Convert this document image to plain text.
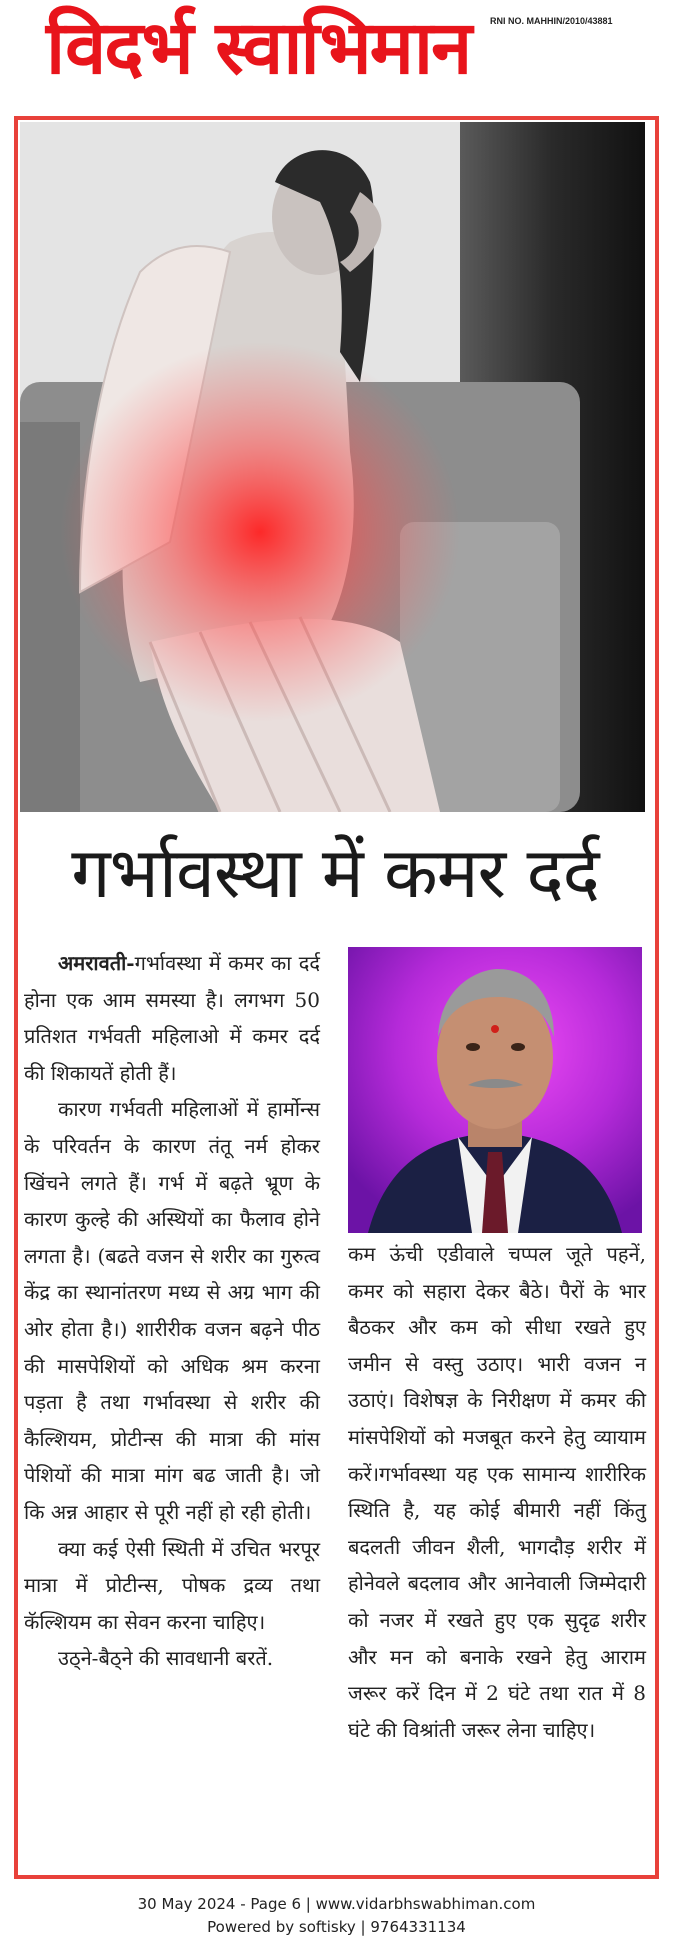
विदर्भ स्वाभिमान	RNI NO. MAHHIN/2010/43881
गर्भावस्था में कमर दर्द

अमरावती-गर्भावस्था में कमर का दर्द होना एक आम समस्या है। लगभग 50 प्रतिशत गर्भवती महिलाओ में कमर दर्द की शिकायतें होती हैं।

कारण गर्भवती महिलाओं में हार्मोन्स के परिवर्तन के कारण तंतू नर्म होकर खिंचने लगते हैं। गर्भ में बढ़ते भ्रूण के कारण कुल्हे की अस्थियों का फैलाव होने लगता है। (बढते वजन से शरीर का गुरुत्व केंद्र का स्थानांतरण मध्य से अग्र भाग की ओर होता है।) शारीरीक वजन बढ़ने पीठ की मासपेशियों को अधिक श्रम करना पड़ता है तथा गर्भावस्था से शरीर की कैल्शियम, प्रोटीन्स की मात्रा की मांस पेशियों की मात्रा मांग बढ जाती है। जो कि अन्न आहार से पूरी नहीं हो रही होती।

क्या कई ऐसी स्थिती में उचित भरपूर मात्रा में प्रोटीन्स, पोषक द्रव्य तथा कॅल्शियम का सेवन करना चाहिए।

उठ्ने-बैठ्ने की सावधानी बरतें.

कम ऊंची एडीवाले चप्पल जूते पहनें, कमर को सहारा देकर बैठे। पैरों के भार बैठकर और कम को सीधा रखते हुए जमीन से वस्तु उठाए। भारी वजन न उठाएं। विशेषज्ञ के निरीक्षण में कमर की मांसपेशियों को मजबूत करने हेतु व्यायाम करें।गर्भावस्था यह एक सामान्य शारीरिक स्थिति है, यह कोई बीमारी नहीं किंतु बदलती जीवन शैली, भागदौड़ शरीर में होनेवले बदलाव और आनेवाली जिम्मेदारी को नजर में रखते हुए एक सुदृढ शरीर और मन को बनाके रखने हेतु आराम जरूर करें दिन में 2 घंटे तथा रात में 8 घंटे की विश्रांती जरूर लेना चाहिए।
30 May 2024 - Page 6 | www.vidarbhswabhiman.com
Powered by softisky | 9764331134
